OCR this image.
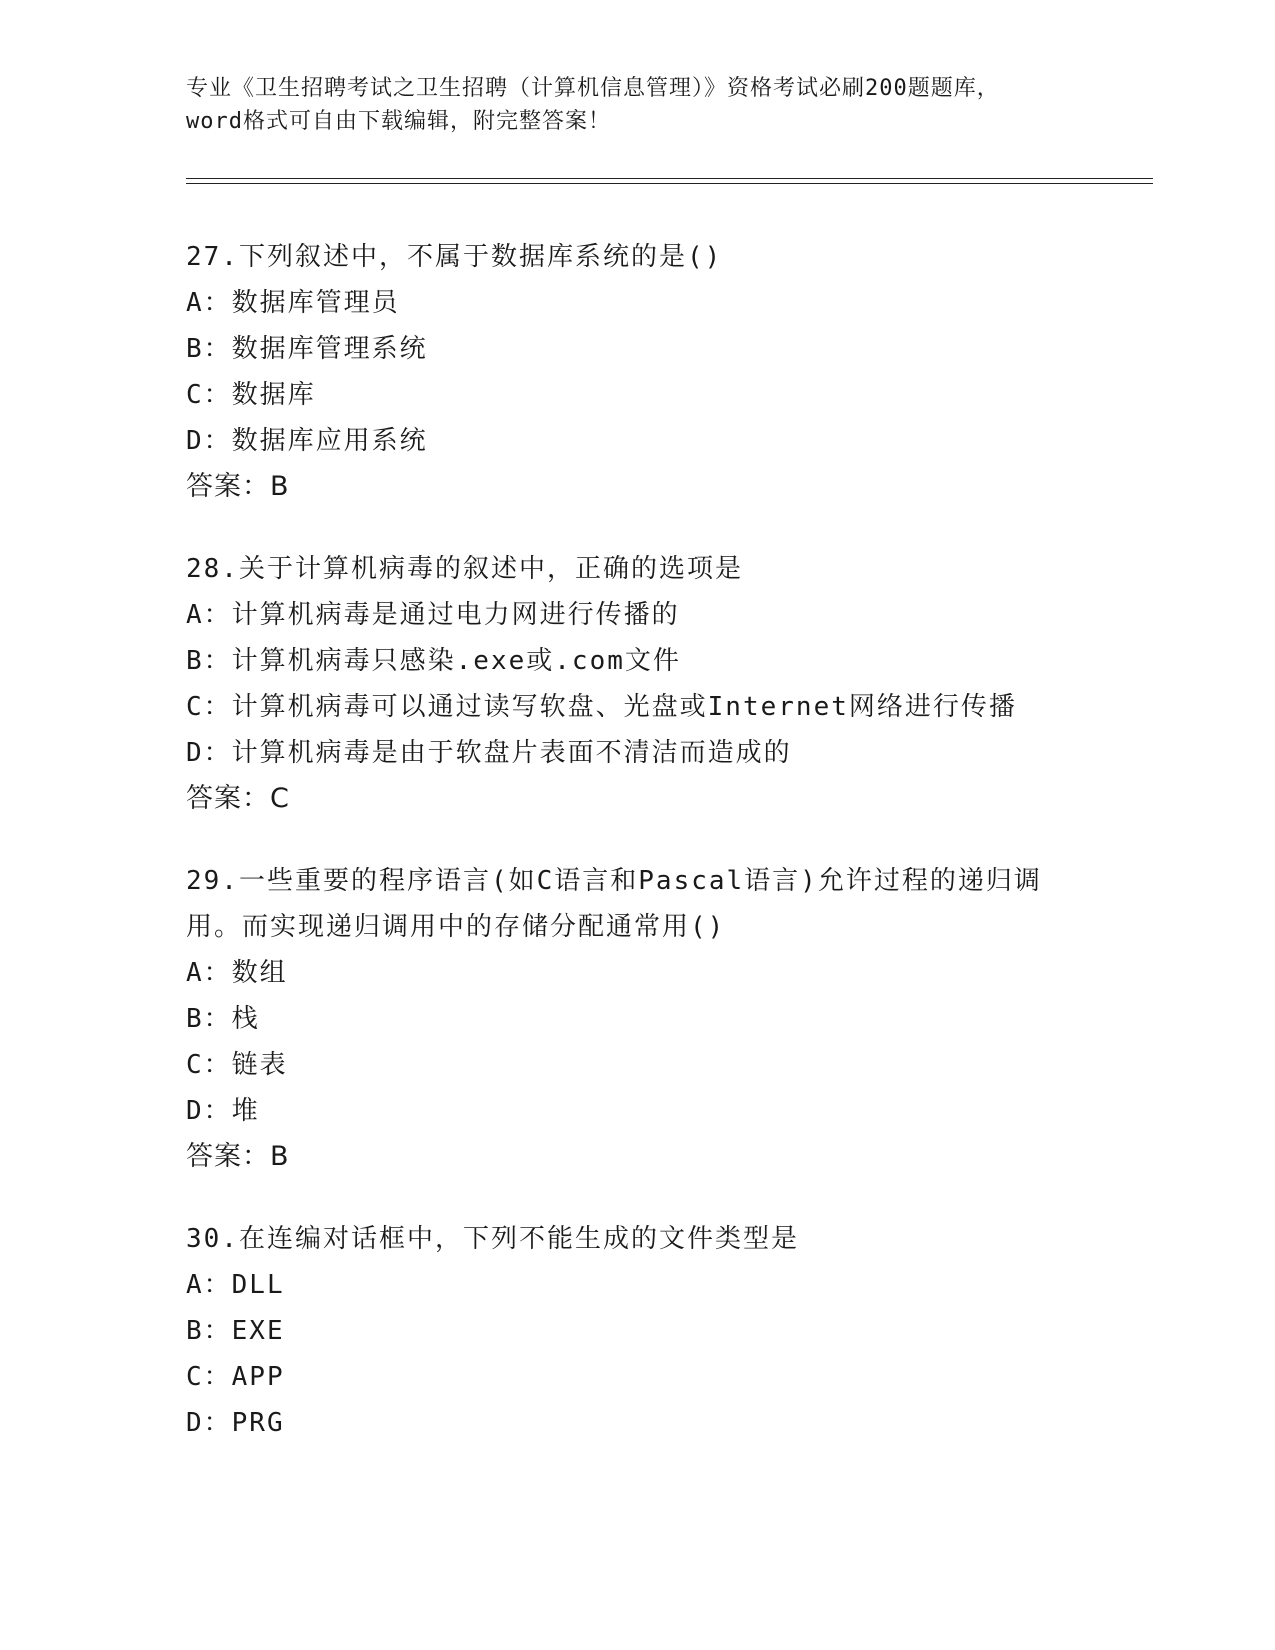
专业《卫生招聘考试之卫生招聘（计算机信息管理）》资格考试必刷200题题库，
word格式可自由下载编辑，附完整答案！
27.下列叙述中，不属于数据库系统的是()
A：数据库管理员
B：数据库管理系统
C：数据库
D：数据库应用系统
答案：B
28.关于计算机病毒的叙述中，正确的选项是
A：计算机病毒是通过电力网进行传播的
B：计算机病毒只感染.exe或.com文件
C：计算机病毒可以通过读写软盘、光盘或Internet网络进行传播
D：计算机病毒是由于软盘片表面不清洁而造成的
答案：C
29.一些重要的程序语言(如C语言和Pascal语言)允许过程的递归调
用。而实现递归调用中的存储分配通常用()
A：数组
B：栈
C：链表
D：堆
答案：B
30.在连编对话框中，下列不能生成的文件类型是
A：DLL
B：EXE
C：APP
D：PRG
